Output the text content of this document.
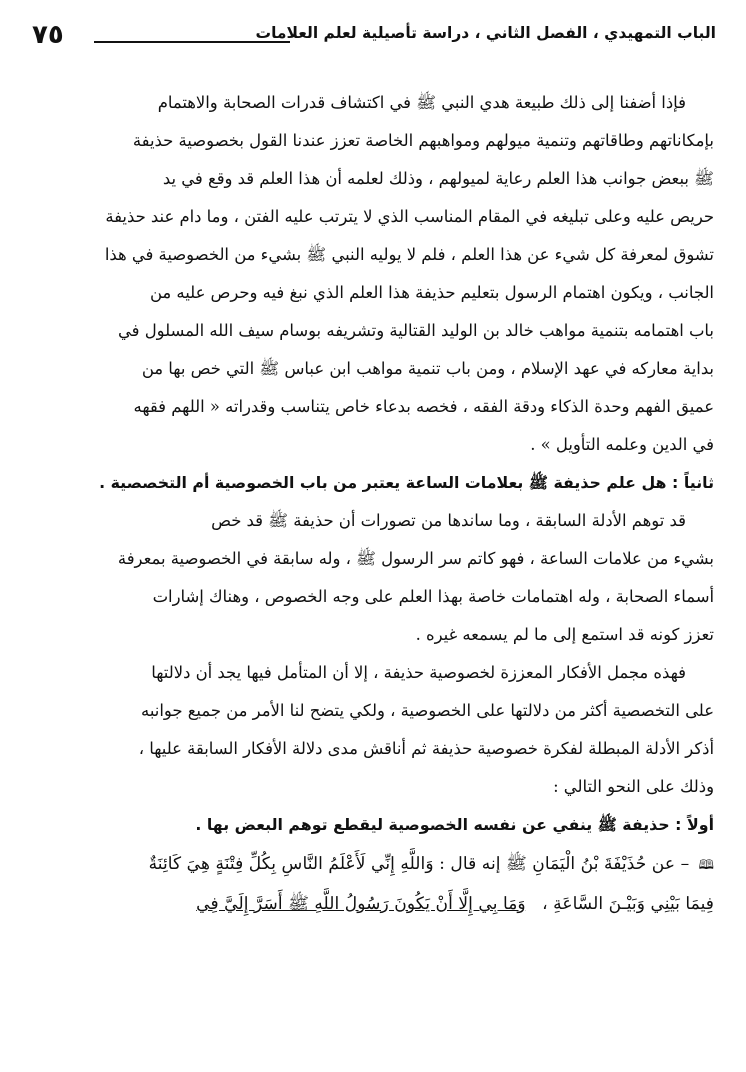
الباب التمهيدي ، الفصل الثاني ، دراسة تأصيلية لعلم العلامات
٧٥
فإذا أضفنا إلى ذلك طبيعة هدي النبي ﷺ في اكتشاف قدرات الصحابة والاهتمام
بإمكاناتهم وطاقاتهم وتنمية ميولهم ومواهبهم الخاصة تعزز عندنا القول بخصوصية حذيفة
ﷺ ببعض جوانب هذا العلم رعاية لميولهم ، وذلك لعلمه أن هذا العلم قد وقع في يد
حريص عليه وعلى تبليغه في المقام المناسب الذي لا يترتب عليه الفتن ، وما دام عند حذيفة
تشوق لمعرفة كل شيء عن هذا العلم ، فلم لا يوليه النبي ﷺ بشيء من الخصوصية في هذا
الجانب ، ويكون اهتمام الرسول بتعليم حذيفة هذا العلم الذي نبغ فيه وحرص عليه من
باب اهتمامه بتنمية مواهب خالد بن الوليد القتالية وتشريفه بوسام سيف الله المسلول في
بداية معاركه في عهد الإسلام ، ومن باب تنمية مواهب ابن عباس ﷺ التي خص بها من
عميق الفهم وحدة الذكاء ودقة الفقه ، فخصه بدعاء خاص يتناسب وقدراته « اللهم فقهه
في الدين وعلمه التأويل » .
ثانياً : هل علم حذيفة ﷺ بعلامات الساعة يعتبر من باب الخصوصية أم التخصصية .
قد توهم الأدلة السابقة ، وما ساندها من تصورات أن حذيفة ﷺ قد خص
بشيء من علامات الساعة ، فهو كاتم سر الرسول ﷺ ، وله سابقة في الخصوصية بمعرفة
أسماء الصحابة ، وله اهتمامات خاصة بهذا العلم على وجه الخصوص ، وهناك إشارات
تعزز كونه قد استمع إلى ما لم يسمعه غيره .
فهذه مجمل الأفكار المعززة لخصوصية حذيفة ، إلا أن المتأمل فيها يجد أن دلالتها
على التخصصية أكثر من دلالتها على الخصوصية ، ولكي يتضح لنا الأمر من جميع جوانبه
أذكر الأدلة المبطلة لفكرة خصوصية حذيفة ثم أناقش مدى دلالة الأفكار السابقة عليها ،
وذلك على النحو التالي :
أولاً : حذيفة ﷺ ينفي عن نفسه الخصوصية ليقطع توهم البعض بها .
🕮 – عن حُذَيْفَةَ بْنُ الْيَمَانِ ﷺ إنه قال : وَاللَّهِ إِنِّي لَأَعْلَمُ النَّاسِ بِكُلِّ فِتْنَةٍ هِيَ كَائِنَةٌ
فِيمَا بَيْنِي وَبَيْـنَ السَّاعَةِ ،   وَمَا بِي إِلَّا أَنْ يَكُونَ رَسُولُ اللَّهِ ﷺ أَسَرَّ إِلَيَّ فِي
